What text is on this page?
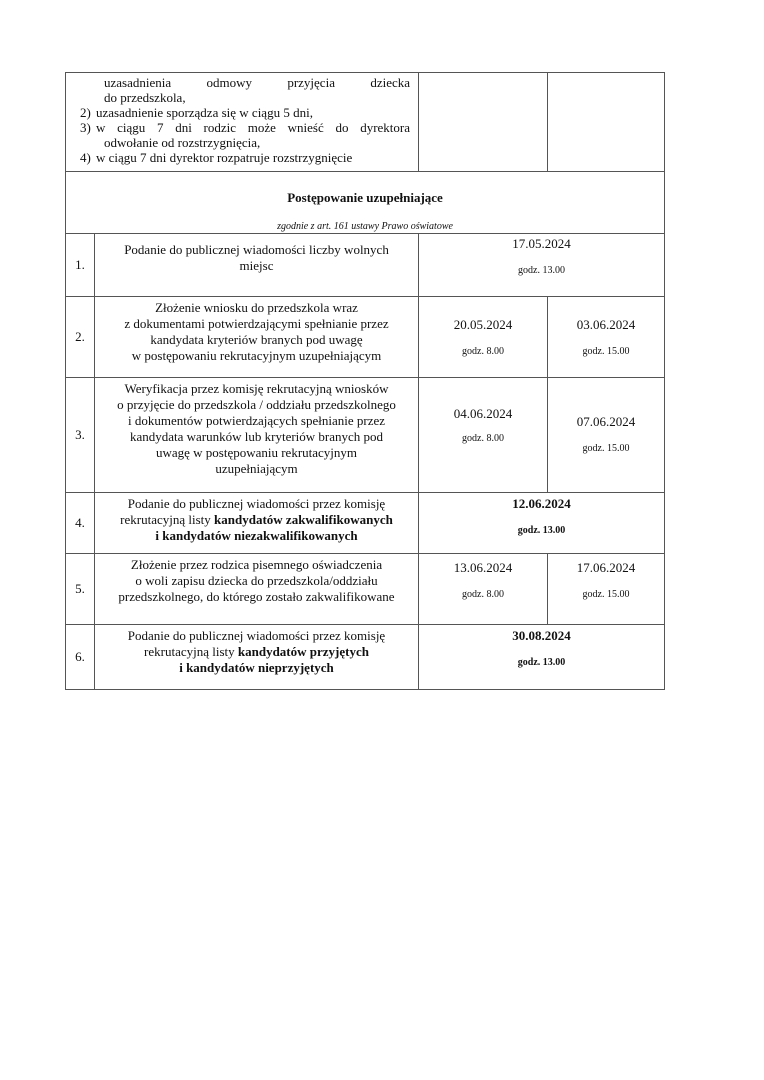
uzasadnienia odmowy przyjęcia dziecka
do przedszkola,
2) uzasadnienie sporządza się w ciągu 5 dni,
3) w ciągu 7 dni rodzic może wnieść do dyrektora
odwołanie od rozstrzygnięcia,
4) w ciągu 7 dni dyrektor rozpatruje rozstrzygnięcie

Postępowanie uzupełniające
zgodnie z art. 161 ustawy Prawo oświatowe			

1.	
Podanie do publicznej wiadomości liczby wolnych
miejsc

17.05.2024
godz. 13.00

2.	
Złożenie wniosku do przedszkola wraz
z dokumentami potwierdzającymi spełnianie przez
kandydata kryteriów branych pod uwagę
w postępowaniu rekrutacyjnym uzupełniającym

20.05.2024
godz. 8.00

03.06.2024
godz. 15.00

3.	
Weryfikacja przez komisję rekrutacyjną wniosków
o przyjęcie do przedszkola / oddziału przedszkolnego
i dokumentów potwierdzających spełnianie przez
kandydata warunków lub kryteriów branych pod
uwagę w postępowaniu rekrutacyjnym
uzupełniającym

04.06.2024
godz. 8.00

07.06.2024
godz. 15.00

4.	
Podanie do publicznej wiadomości przez komisję
rekrutacyjną listy kandydatów zakwalifikowanych
i kandydatów niezakwalifikowanych

12.06.2024
godz. 13.00

5.	
Złożenie przez rodzica pisemnego oświadczenia
o woli zapisu dziecka do przedszkola/oddziału
przedszkolnego, do którego zostało zakwalifikowane

13.06.2024
godz. 8.00

17.06.2024
godz. 15.00

6.	
Podanie do publicznej wiadomości przez komisję
rekrutacyjną listy kandydatów przyjętych
i kandydatów nieprzyjętych

30.08.2024
godz. 13.00
